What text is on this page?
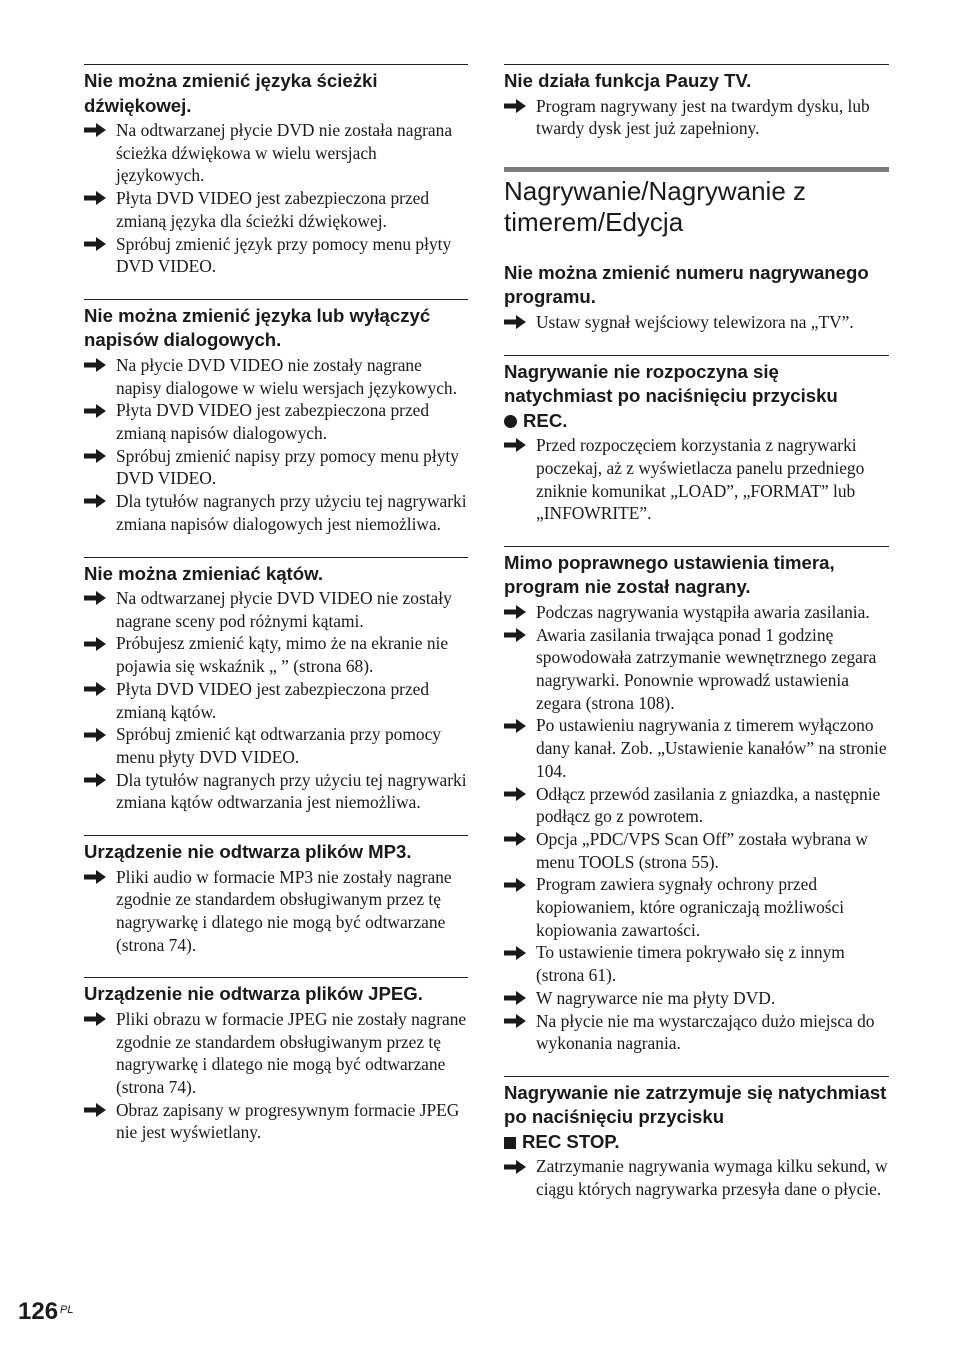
Nie można zmienić języka ścieżki dźwiękowej.
Na odtwarzanej płycie DVD nie została nagrana ścieżka dźwiękowa w wielu wersjach językowych.
Płyta DVD VIDEO jest zabezpieczona przed zmianą języka dla ścieżki dźwiękowej.
Spróbuj zmienić język przy pomocy menu płyty DVD VIDEO.
Nie można zmienić języka lub wyłączyć napisów dialogowych.
Na płycie DVD VIDEO nie zostały nagrane napisy dialogowe w wielu wersjach językowych.
Płyta DVD VIDEO jest zabezpieczona przed zmianą napisów dialogowych.
Spróbuj zmienić napisy przy pomocy menu płyty DVD VIDEO.
Dla tytułów nagranych przy użyciu tej nagrywarki zmiana napisów dialogowych jest niemożliwa.
Nie można zmieniać kątów.
Na odtwarzanej płycie DVD VIDEO nie zostały nagrane sceny pod różnymi kątami.
Próbujesz zmienić kąty, mimo że na ekranie nie pojawia się wskaźnik „ ” (strona 68).
Płyta DVD VIDEO jest zabezpieczona przed zmianą kątów.
Spróbuj zmienić kąt odtwarzania przy pomocy menu płyty DVD VIDEO.
Dla tytułów nagranych przy użyciu tej nagrywarki zmiana kątów odtwarzania jest niemożliwa.
Urządzenie nie odtwarza plików MP3.
Pliki audio w formacie MP3 nie zostały nagrane zgodnie ze standardem obsługiwanym przez tę nagrywarkę i dlatego nie mogą być odtwarzane (strona 74).
Urządzenie nie odtwarza plików JPEG.
Pliki obrazu w formacie JPEG nie zostały nagrane zgodnie ze standardem obsługiwanym przez tę nagrywarkę i dlatego nie mogą być odtwarzane (strona 74).
Obraz zapisany w progresywnym formacie JPEG nie jest wyświetlany.
Nie działa funkcja Pauzy TV.
Program nagrywany jest na twardym dysku, lub twardy dysk jest już zapełniony.
Nagrywanie/Nagrywanie z timerem/Edycja
Nie można zmienić numeru nagrywanego programu.
Ustaw sygnał wejściowy telewizora na „TV”.
Nagrywanie nie rozpoczyna się natychmiast po naciśnięciu przycisku
REC.
Przed rozpoczęciem korzystania z nagrywarki poczekaj, aż z wyświetlacza panelu przedniego zniknie komunikat „LOAD”, „FORMAT” lub „INFOWRITE”.
Mimo poprawnego ustawienia timera, program nie został nagrany.
Podczas nagrywania wystąpiła awaria zasilania.
Awaria zasilania trwająca ponad 1 godzinę spowodowała zatrzymanie wewnętrznego zegara nagrywarki. Ponownie wprowadź ustawienia zegara (strona 108).
Po ustawieniu nagrywania z timerem wyłączono dany kanał. Zob. „Ustawienie kanałów” na stronie 104.
Odłącz przewód zasilania z gniazdka, a następnie podłącz go z powrotem.
Opcja „PDC/VPS Scan Off” została wybrana w menu TOOLS (strona 55).
Program zawiera sygnały ochrony przed kopiowaniem, które ograniczają możliwości kopiowania zawartości.
To ustawienie timera pokrywało się z innym (strona 61).
W nagrywarce nie ma płyty DVD.
Na płycie nie ma wystarczająco dużo miejsca do wykonania nagrania.
Nagrywanie nie zatrzymuje się natychmiast po naciśnięciu przycisku
REC STOP.
Zatrzymanie nagrywania wymaga kilku sekund, w ciągu których nagrywarka przesyła dane o płycie.
126 PL
